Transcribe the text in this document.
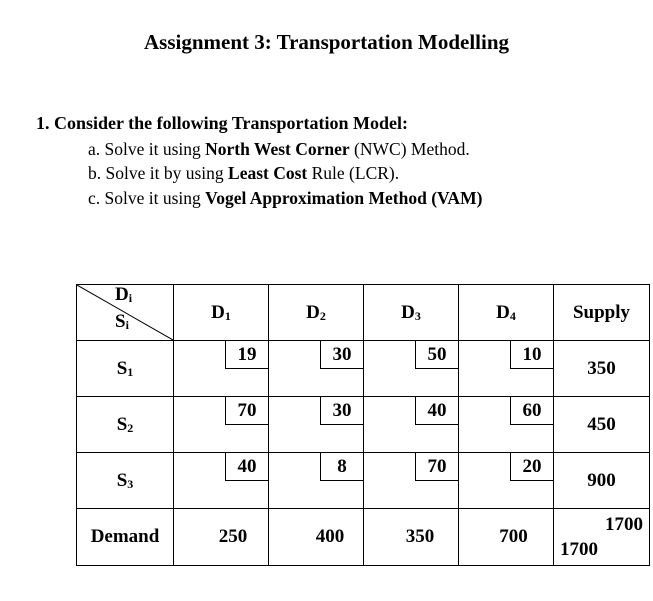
Assignment 3: Transportation Modelling
1. Consider the following Transportation Model:
a. Solve it using North West Corner (NWC) Method.
b. Solve it by using Least Cost Rule (LCR).
c. Solve it using Vogel Approximation Method (VAM)
$D_i$
$S_i$	$D_1$	$D_2$	$D_3$	$D_4$	Supply
$S_1$	19	30	50	10	350
$S_2$	70	30	40	60	450
$S_3$	40	8	70	20	900
Demand	250	400	350	700	1700
1700
